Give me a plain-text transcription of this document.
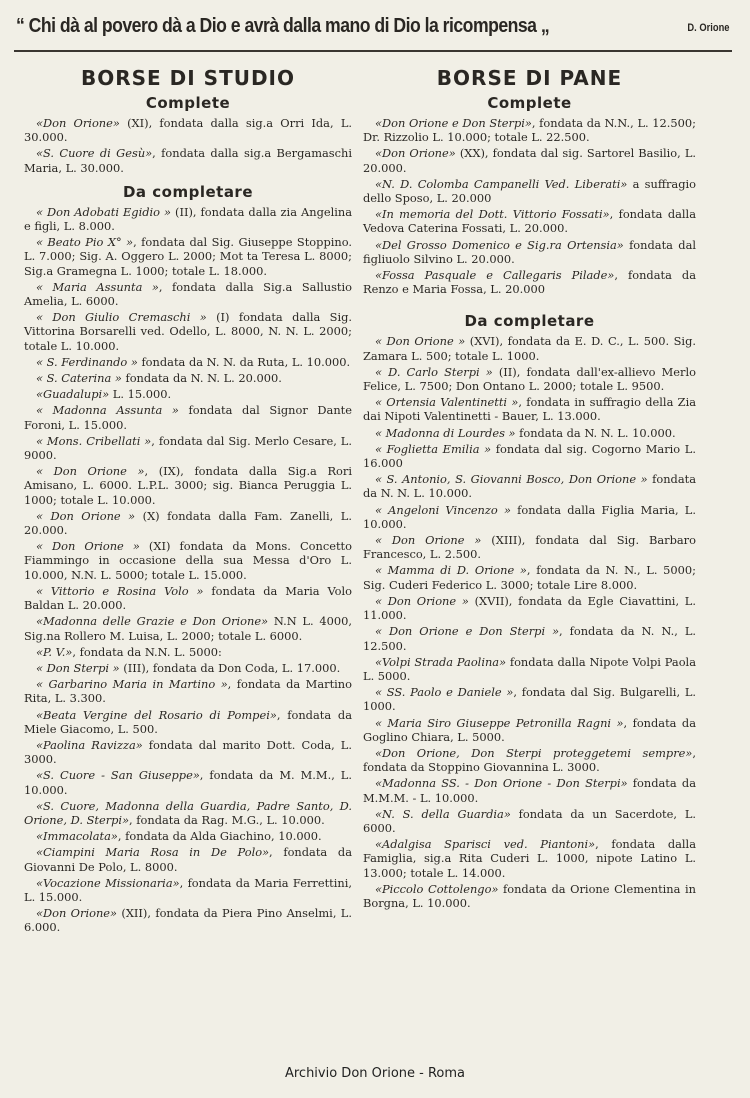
“ Chi dà al povero dà a Dio e avrà dalla mano di Dio la ricompensa „	D. Orione
BORSE DI STUDIO
Complete

«Don Orione» (XI), fondata dalla sig.a Orri Ida, L. 30.000.

«S. Cuore di Gesù», fondata dalla sig.a Bergamaschi Maria, L. 30.000.

Da completare

« Don Adobati Egidio » (II), fondata dalla zia Angelina e figli, L. 8.000.

« Beato Pio X° », fondata dal Sig. Giuseppe Stoppino. L. 7.000; Sig. A. Oggero L. 2000; Mot ta Teresa L. 8000; Sig.a Gramegna L. 1000; totale L. 18.000.

« Maria Assunta », fondata dalla Sig.a Sallustio Amelia, L. 6000.

« Don Giulio Cremaschi » (I) fondata dalla Sig. Vittorina Borsarelli ved. Odello, L. 8000, N. N. L. 2000; totale L. 10.000.

« S. Ferdinando » fondata da N. N. da Ruta, L. 10.000.

« S. Caterina » fondata da N. N. L. 20.000.

«Guadalupi» L. 15.000.

« Madonna Assunta » fondata dal Signor Dante Foroni, L. 15.000.

« Mons. Cribellati », fondata dal Sig. Merlo Cesare, L. 9000.

« Don Orione », (IX), fondata dalla Sig.a Rori Amisano, L. 6000. L.P.L. 3000; sig. Bianca Peruggia L. 1000; totale L. 10.000.

« Don Orione » (X) fondata dalla Fam. Zanelli, L. 20.000.

« Don Orione » (XI) fondata da Mons. Concetto Fiammingo in occasione della sua Messa d'Oro L. 10.000, N.N. L. 5000; totale L. 15.000.

« Vittorio e Rosina Volo » fondata da Maria Volo Baldan L. 20.000.

«Madonna delle Grazie e Don Orione» N.N L. 4000, Sig.na Rollero M. Luisa, L. 2000; totale L. 6000.

«P. V.», fondata da N.N. L. 5000:

« Don Sterpi » (III), fondata da Don Coda, L. 17.000.

« Garbarino Maria in Martino », fondata da Martino Rita, L. 3.300.

«Beata Vergine del Rosario di Pompei», fondata da Miele Giacomo, L. 500.

«Paolina Ravizza» fondata dal marito Dott. Coda, L. 3000.

«S. Cuore - San Giuseppe», fondata da M. M.M., L. 10.000.

«S. Cuore, Madonna della Guardia, Padre Santo, D. Orione, D. Sterpi», fondata da Rag. M.G., L. 10.000.

«Immacolata», fondata da Alda Giachino, 10.000.

«Ciampini Maria Rosa in De Polo», fondata da Giovanni De Polo, L. 8000.

«Vocazione Missionaria», fondata da Maria Ferrettini, L. 15.000.

«Don Orione» (XII), fondata da Piera Pino Anselmi, L. 6.000.

BORSE DI PANE
Complete

«Don Orione e Don Sterpi», fondata da N.N., L. 12.500; Dr. Rizzolio L. 10.000; totale L. 22.500.

«Don Orione» (XX), fondata dal sig. Sartorel Basilio, L. 20.000.

«N. D. Colomba Campanelli Ved. Liberati» a suffragio dello Sposo, L. 20.000

«In memoria del Dott. Vittorio Fossati», fondata dalla Vedova Caterina Fossati, L. 20.000.

«Del Grosso Domenico e Sig.ra Ortensia» fondata dal figliuolo Silvino L. 20.000.

«Fossa Pasquale e Callegaris Pilade», fondata da Renzo e Maria Fossa, L. 20.000

Da completare

« Don Orione » (XVI), fondata da E. D. C., L. 500. Sig. Zamara L. 500; totale L. 1000.

« D. Carlo Sterpi » (II), fondata dall'ex-allievo Merlo Felice, L. 7500; Don Ontano L. 2000; totale L. 9500.

« Ortensia Valentinetti », fondata in suffragio della Zia dai Nipoti Valentinetti - Bauer, L. 13.000.

« Madonna di Lourdes » fondata da N. N. L. 10.000.

« Foglietta Emilia » fondata dal sig. Cogorno Mario L. 16.000

« S. Antonio, S. Giovanni Bosco, Don Orione » fondata da N. N. L. 10.000.

« Angeloni Vincenzo » fondata dalla Figlia Maria, L. 10.000.

« Don Orione » (XIII), fondata dal Sig. Barbaro Francesco, L. 2.500.

« Mamma di D. Orione », fondata da N. N., L. 5000; Sig. Cuderi Federico L. 3000; totale Lire 8.000.

« Don Orione » (XVII), fondata da Egle Ciavattini, L. 11.000.

« Don Orione e Don Sterpi », fondata da N. N., L. 12.500.

«Volpi Strada Paolina» fondata dalla Nipote Volpi Paola L. 5000.

« SS. Paolo e Daniele », fondata dal Sig. Bulgarelli, L. 1000.

« Maria Siro Giuseppe Petronilla Ragni », fondata da Goglino Chiara, L. 5000.

«Don Orione, Don Sterpi proteggetemi sempre», fondata da Stoppino Giovannina L. 3000.

«Madonna SS. - Don Orione - Don Sterpi» fondata da M.M.M. - L. 10.000.

«N. S. della Guardia» fondata da un Sacerdote, L. 6000.

«Adalgisa Sparisci ved. Piantoni», fondata dalla Famiglia, sig.a Rita Cuderi L. 1000, nipote Latino L. 13.000; totale L. 14.000.

«Piccolo Cottolengo» fondata da Orione Clementina in Borgna, L. 10.000.

Archivio Don Orione - Roma
